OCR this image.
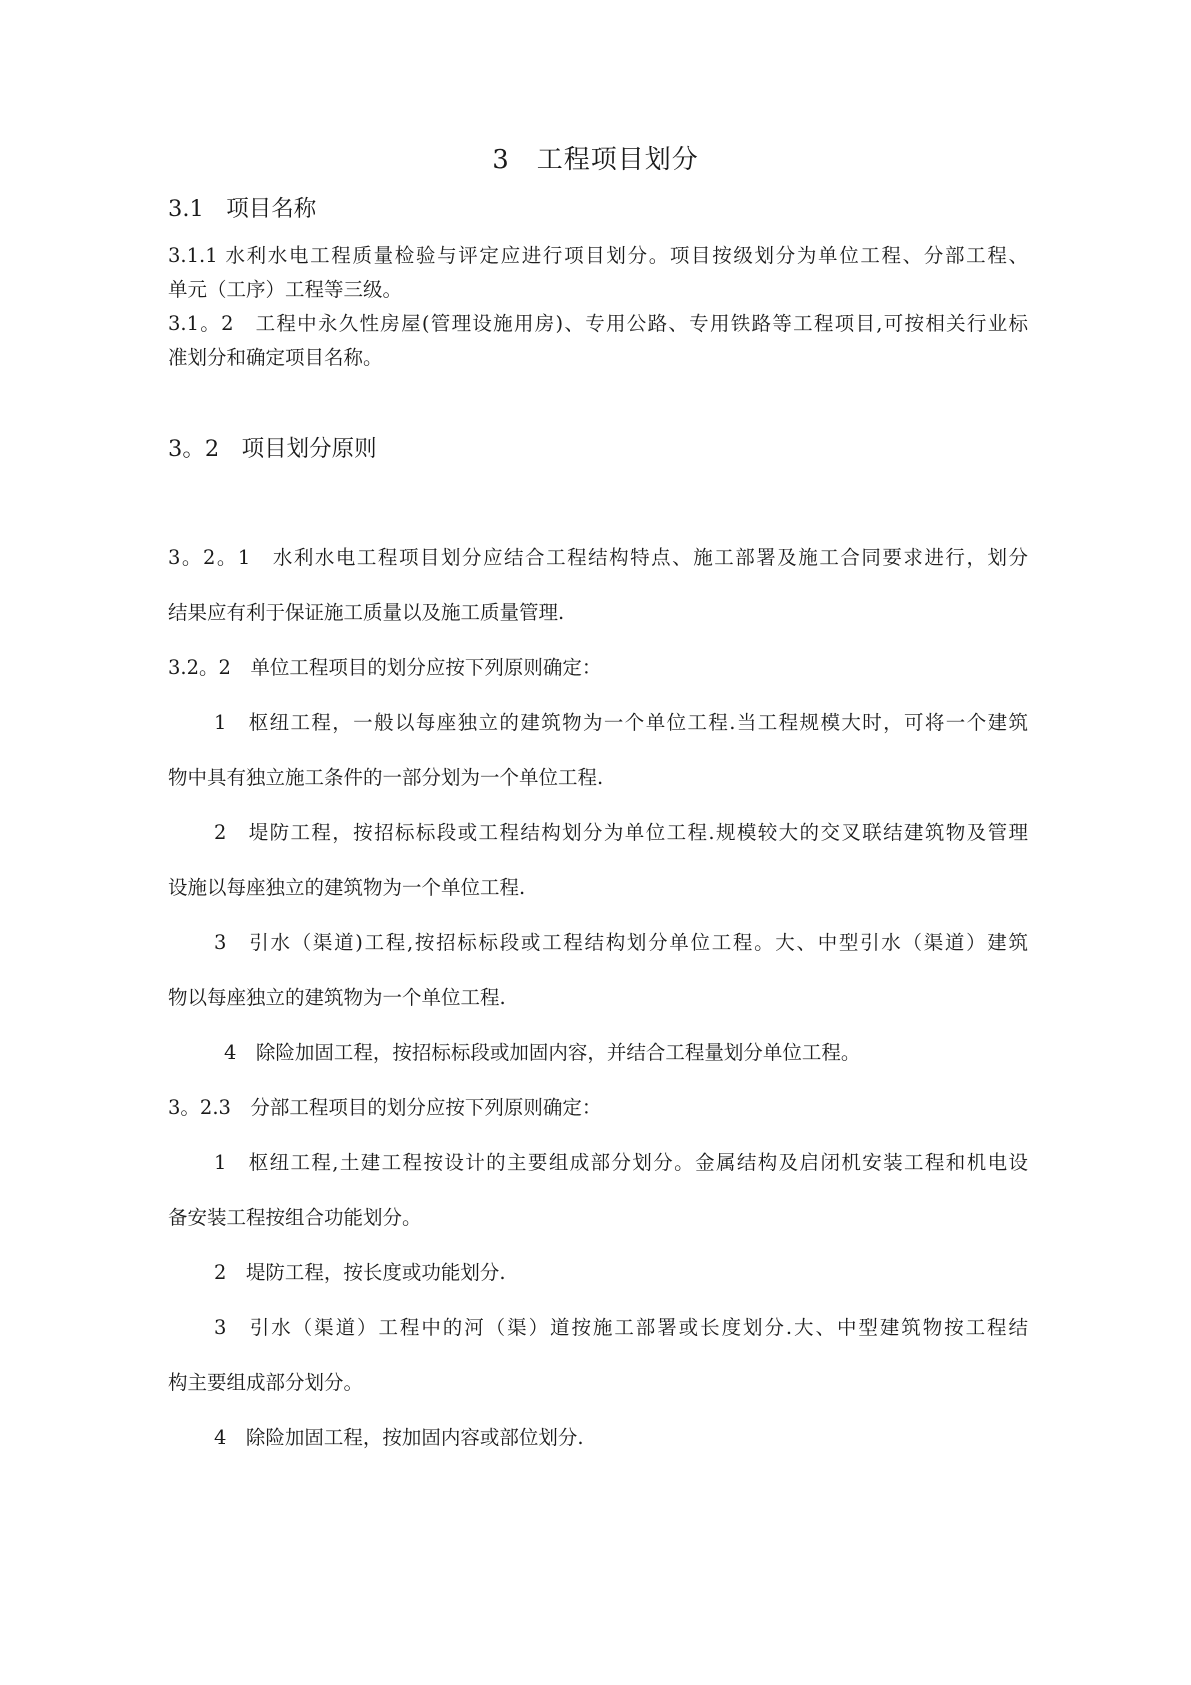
3　工程项目划分
3.1　项目名称
3.1.1 水利水电工程质量检验与评定应进行项目划分。项目按级划分为单位工程、分部工程、
单元（工序）工程等三级。
3.1。2　工程中永久性房屋(管理设施用房)、专用公路、专用铁路等工程项目,可按相关行业标
准划分和确定项目名称。
3。2　项目划分原则
3。2。1　水利水电工程项目划分应结合工程结构特点、施工部署及施工合同要求进行，划分
结果应有利于保证施工质量以及施工质量管理.
3.2。2　单位工程项目的划分应按下列原则确定：
1　枢纽工程，一般以每座独立的建筑物为一个单位工程.当工程规模大时，可将一个建筑
物中具有独立施工条件的一部分划为一个单位工程.
2　堤防工程，按招标标段或工程结构划分为单位工程.规模较大的交叉联结建筑物及管理
设施以每座独立的建筑物为一个单位工程.
3　引水（渠道)工程,按招标标段或工程结构划分单位工程。大、中型引水（渠道）建筑
物以每座独立的建筑物为一个单位工程.
4　除险加固工程，按招标标段或加固内容，并结合工程量划分单位工程。
3。2.3　分部工程项目的划分应按下列原则确定：
1　枢纽工程,土建工程按设计的主要组成部分划分。金属结构及启闭机安装工程和机电设
备安装工程按组合功能划分。
2　堤防工程，按长度或功能划分.
3　引水（渠道）工程中的河（渠）道按施工部署或长度划分.大、中型建筑物按工程结
构主要组成部分划分。
4　除险加固工程，按加固内容或部位划分.
